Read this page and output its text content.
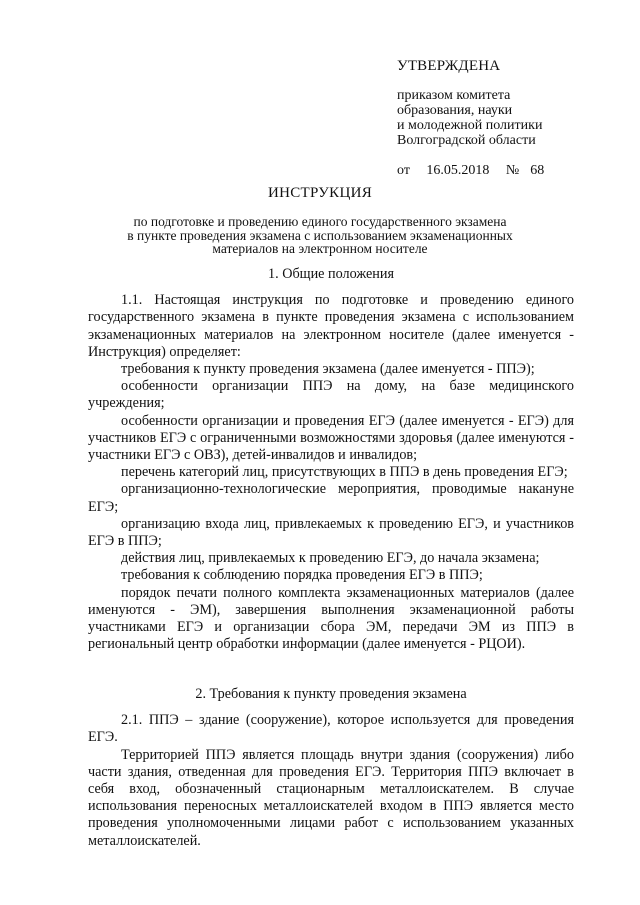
УТВЕРЖДЕНА
приказом комитета
образования, науки
и молодежной политики
Волгоградской области
от   16.05.2018   №  68
ИНСТРУКЦИЯ
по подготовке и проведению единого государственного экзамена
в пункте проведения экзамена с использованием экзаменационных
материалов на электронном носителе

1. Общие положения

1.1. Настоящая инструкция по подготовке и проведению единого государственного экзамена в пункте проведения экзамена с использованием экзаменационных материалов на электронном носителе (далее именуется - Инструкция) определяет:

требования к пункту проведения экзамена (далее именуется - ППЭ);

особенности организации ППЭ на дому, на базе медицинского учреждения;

особенности организации и проведения ЕГЭ (далее именуется - ЕГЭ) для участников ЕГЭ с ограниченными возможностями здоровья (далее именуются - участники ЕГЭ с ОВЗ), детей-инвалидов и инвалидов;

перечень категорий лиц, присутствующих в ППЭ в день проведения ЕГЭ;

организационно-технологические мероприятия, проводимые накануне ЕГЭ;

организацию входа лиц, привлекаемых к проведению ЕГЭ, и участников ЕГЭ в ППЭ;

действия лиц, привлекаемых к проведению ЕГЭ, до начала экзамена;

требования к соблюдению порядка проведения ЕГЭ в ППЭ;

порядок печати полного комплекта экзаменационных материалов (далее именуются - ЭМ), завершения выполнения экзаменационной работы участниками ЕГЭ и организации сбора ЭМ, передачи ЭМ из ППЭ в региональный центр обработки информации (далее именуется - РЦОИ).

2. Требования к пункту проведения экзамена

2.1. ППЭ – здание (сооружение), которое используется для проведения ЕГЭ.

Территорией ППЭ является площадь внутри здания (сооружения) либо части здания, отведенная для проведения ЕГЭ. Территория ППЭ включает в себя вход, обозначенный стационарным металлоискателем. В случае использования переносных металлоискателей входом в ППЭ является место проведения уполномоченными лицами работ с использованием указанных металлоискателей.
